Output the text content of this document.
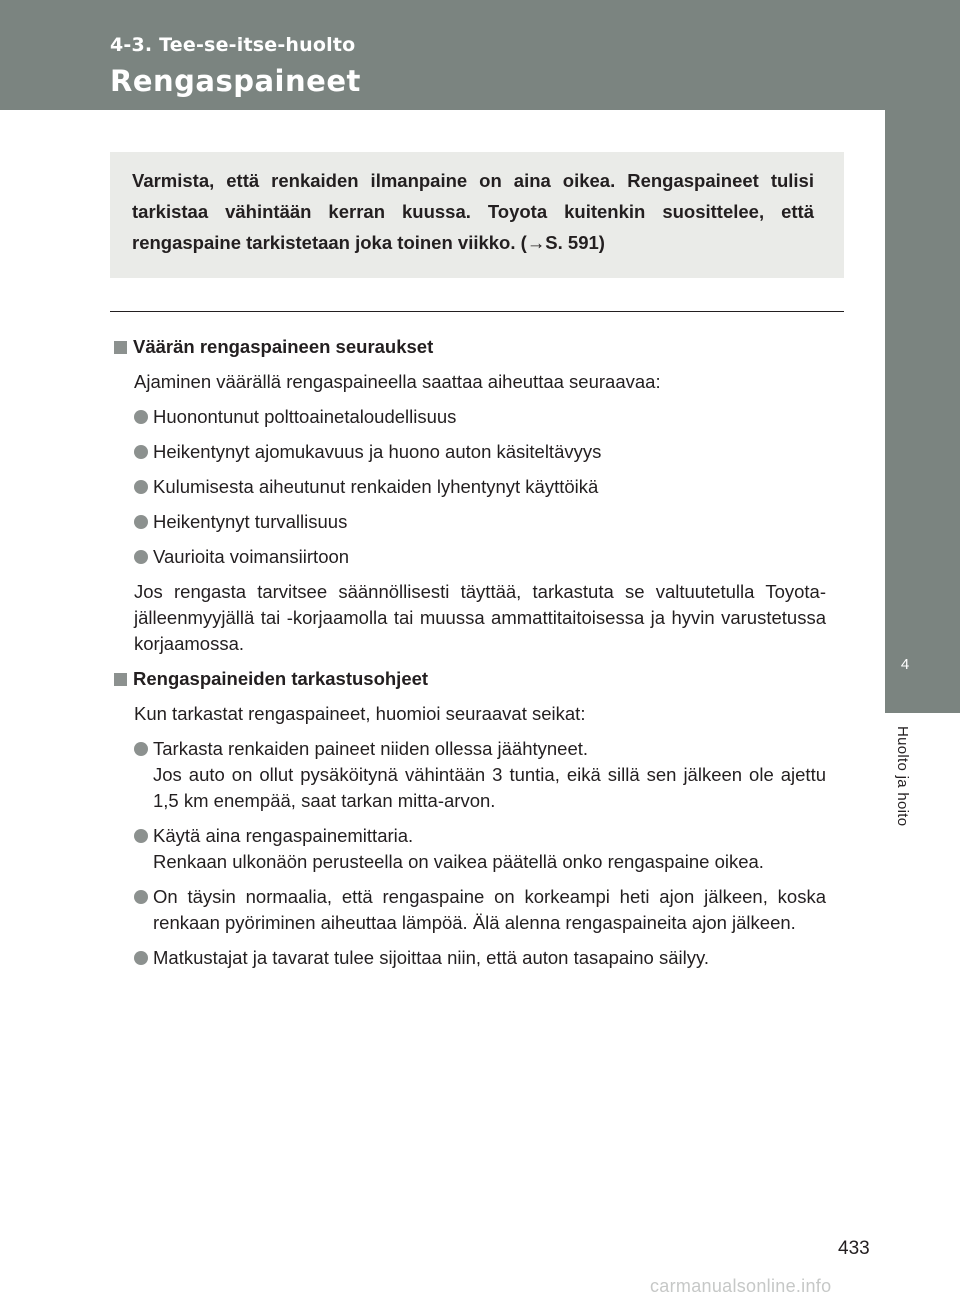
4-3. Tee-se-itse-huolto
Rengaspaineet
4
Huolto ja hoito

Varmista, että renkaiden ilmanpaine on aina oikea. Rengaspaineet tulisi tarkistaa vähintään kerran kuussa. Toyota kuitenkin suosittelee, että rengaspaine tarkistetaan joka toinen viikko. (→S. 591)

Väärän rengaspaineen seuraukset

Ajaminen väärällä rengaspaineella saattaa aiheuttaa seuraavaa:

Huonontunut polttoainetaloudellisuus
Heikentynyt ajomukavuus ja huono auton käsiteltävyys
Kulumisesta aiheutunut renkaiden lyhentynyt käyttöikä
Heikentynyt turvallisuus
Vaurioita voimansiirtoon

Jos rengasta tarvitsee säännöllisesti täyttää, tarkastuta se valtuutetulla Toyota-jälleenmyyjällä tai -korjaamolla tai muussa ammattitaitoisessa ja hyvin varustetussa korjaamossa.

Rengaspaineiden tarkastusohjeet

Kun tarkastat rengaspaineet, huomioi seuraavat seikat:

Tarkasta renkaiden paineet niiden ollessa jäähtyneet.
Jos auto on ollut pysäköitynä vähintään 3 tuntia, eikä sillä sen jälkeen ole ajettu 1,5 km enempää, saat tarkan mitta-arvon.
Käytä aina rengaspainemittaria.
Renkaan ulkonäön perusteella on vaikea päätellä onko rengaspaine oikea.
On täysin normaalia, että rengaspaine on korkeampi heti ajon jälkeen, koska renkaan pyöriminen aiheuttaa lämpöä. Älä alenna rengaspaineita ajon jälkeen.
Matkustajat ja tavarat tulee sijoittaa niin, että auton tasapaino säilyy.
433
carmanualsonline.info
